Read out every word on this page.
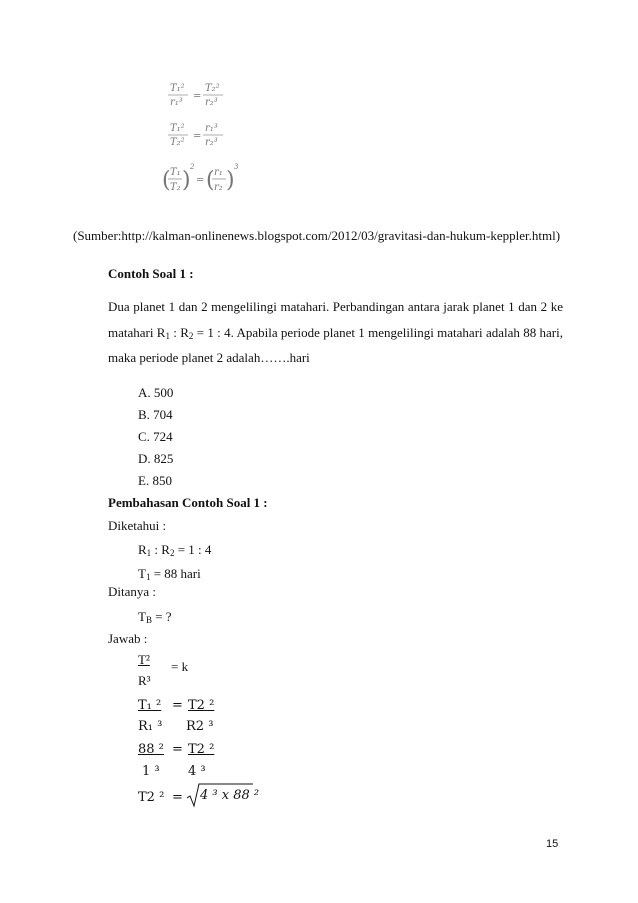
T₁²
r₁³
=
T₂²
r₂³
T₁²
T₂²
=
r₁³
r₂³
( T₁
T₂ )
2
= ( r₁
r₂ )
3
(Sumber:http://kalman-onlinenews.blogspot.com/2012/03/gravitasi-dan-hukum-keppler.html)
Contoh Soal 1 :
Dua planet 1 dan 2 mengelilingi matahari. Perbandingan antara jarak planet 1 dan 2 ke
matahari $R_1$ : $R_2 = 1$ : 4. Apabila periode planet 1 mengelilingi matahari adalah 88 hari,
maka periode planet 2 adalah…….hari
A. 500
B. 704
C. 724
D. 825
E. 850
Pembahasan Contoh Soal 1 :
Diketahui :
$R_1$ : $R_2 = 1$ : 4
$T_1 = 88$ hari
Ditanya :
$T_B$ = ?
Jawab :
T² = k
R³
T₁ ² = T2 ²
R₁ ³ R2 ³
88 ² = T2 ²
1 ³ 4 ³
T2 ² = 4 ³ x 88 ²
15
